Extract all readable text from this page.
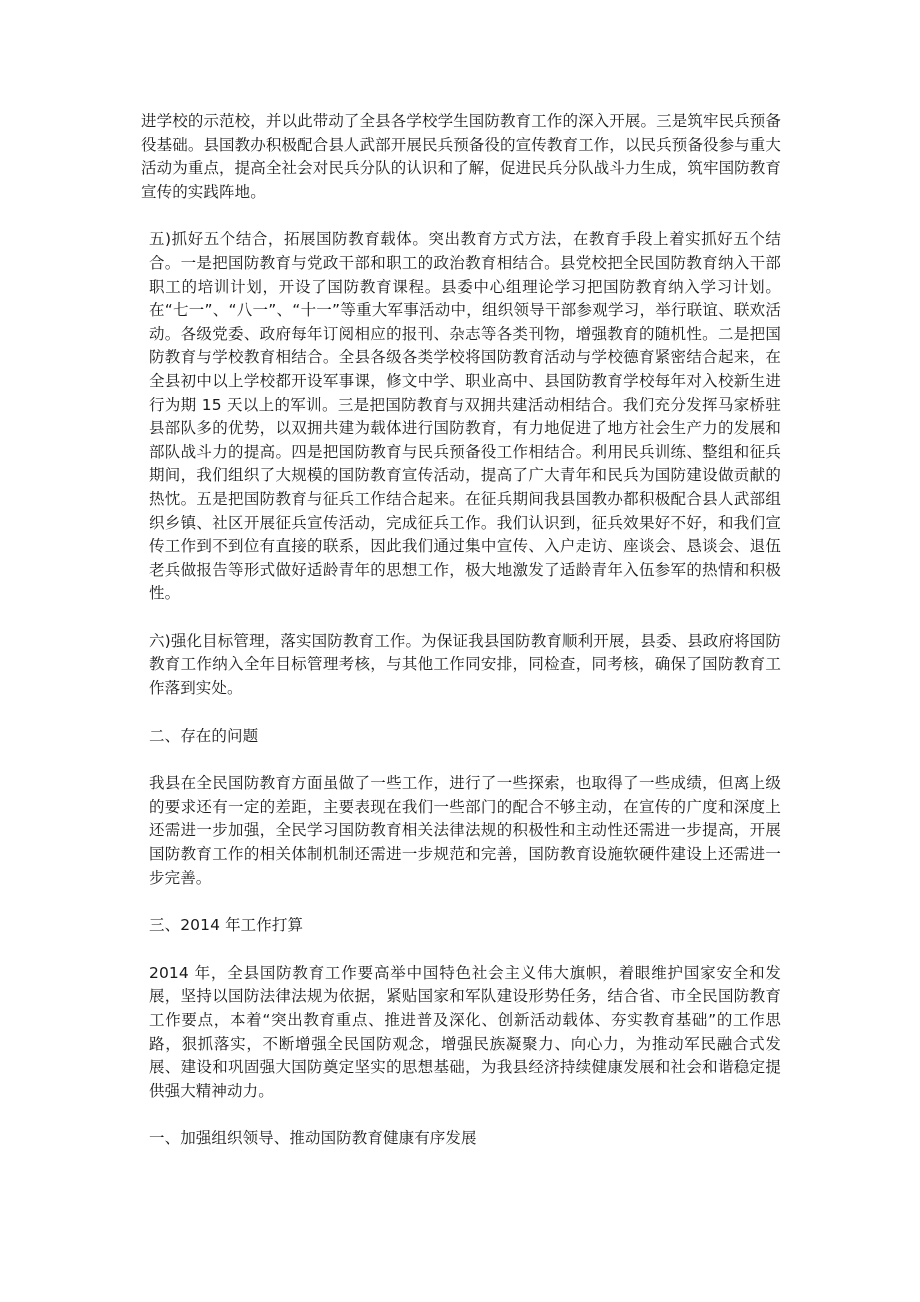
进学校的示范校，并以此带动了全县各学校学生国防教育工作的深入开展。三是筑牢民兵预备役基础。县国教办积极配合县人武部开展民兵预备役的宣传教育工作，以民兵预备役参与重大活动为重点，提高全社会对民兵分队的认识和了解，促进民兵分队战斗力生成，筑牢国防教育宣传的实践阵地。

五)抓好五个结合，拓展国防教育载体。突出教育方式方法，在教育手段上着实抓好五个结合。一是把国防教育与党政干部和职工的政治教育相结合。县党校把全民国防教育纳入干部职工的培训计划，开设了国防教育课程。县委中心组理论学习把国防教育纳入学习计划。在“七一”、“八一”、“十一”等重大军事活动中，组织领导干部参观学习，举行联谊、联欢活动。各级党委、政府每年订阅相应的报刊、杂志等各类刊物，增强教育的随机性。二是把国防教育与学校教育相结合。全县各级各类学校将国防教育活动与学校德育紧密结合起来，在全县初中以上学校都开设军事课，修文中学、职业高中、县国防教育学校每年对入校新生进行为期 15 天以上的军训。三是把国防教育与双拥共建活动相结合。我们充分发挥马家桥驻县部队多的优势，以双拥共建为载体进行国防教育，有力地促进了地方社会生产力的发展和部队战斗力的提高。四是把国防教育与民兵预备役工作相结合。利用民兵训练、整组和征兵期间，我们组织了大规模的国防教育宣传活动，提高了广大青年和民兵为国防建设做贡献的热忱。五是把国防教育与征兵工作结合起来。在征兵期间我县国教办都积极配合县人武部组织乡镇、社区开展征兵宣传活动，完成征兵工作。我们认识到，征兵效果好不好，和我们宣传工作到不到位有直接的联系，因此我们通过集中宣传、入户走访、座谈会、恳谈会、退伍老兵做报告等形式做好适龄青年的思想工作，极大地激发了适龄青年入伍参军的热情和积极性。

六)强化目标管理，落实国防教育工作。为保证我县国防教育顺利开展，县委、县政府将国防教育工作纳入全年目标管理考核，与其他工作同安排，同检查，同考核，确保了国防教育工作落到实处。

二、存在的问题

我县在全民国防教育方面虽做了一些工作，进行了一些探索，也取得了一些成绩，但离上级的要求还有一定的差距，主要表现在我们一些部门的配合不够主动，在宣传的广度和深度上还需进一步加强，全民学习国防教育相关法律法规的积极性和主动性还需进一步提高，开展国防教育工作的相关体制机制还需进一步规范和完善，国防教育设施软硬件建设上还需进一步完善。

三、2014 年工作打算

2014 年，全县国防教育工作要高举中国特色社会主义伟大旗帜，着眼维护国家安全和发展，坚持以国防法律法规为依据，紧贴国家和军队建设形势任务，结合省、市全民国防教育工作要点，本着“突出教育重点、推进普及深化、创新活动载体、夯实教育基础”的工作思路，狠抓落实，不断增强全民国防观念，增强民族凝聚力、向心力，为推动军民融合式发展、建设和巩固强大国防奠定坚实的思想基础，为我县经济持续健康发展和社会和谐稳定提供强大精神动力。

一、加强组织领导、推动国防教育健康有序发展
